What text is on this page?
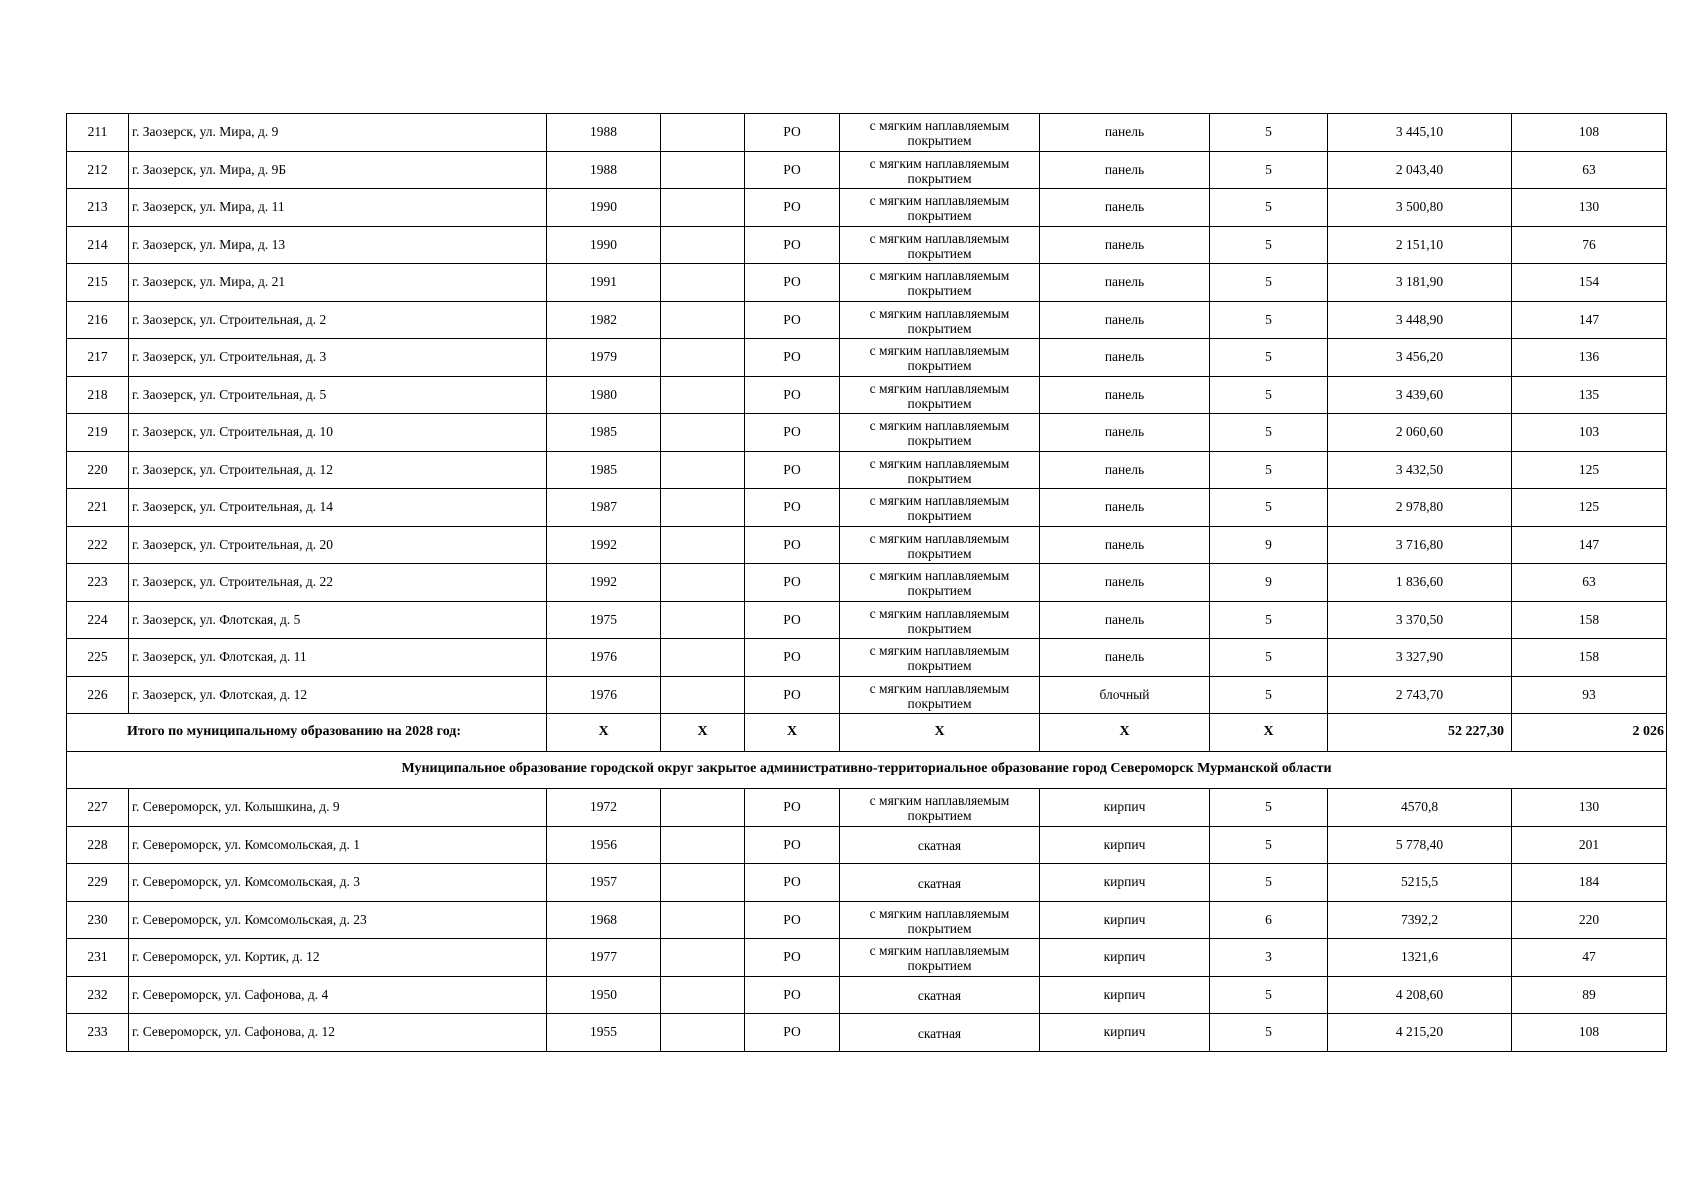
211	г. Заозерск, ул. Мира, д. 9	1988		РО	с мягким наплавляемым покрытием	панель	5	3 445,10	108
212	г. Заозерск, ул. Мира, д. 9Б	1988		РО	с мягким наплавляемым покрытием	панель	5	2 043,40	63
213	г. Заозерск, ул. Мира, д. 11	1990		РО	с мягким наплавляемым покрытием	панель	5	3 500,80	130
214	г. Заозерск, ул. Мира, д. 13	1990		РО	с мягким наплавляемым покрытием	панель	5	2 151,10	76
215	г. Заозерск, ул. Мира, д. 21	1991		РО	с мягким наплавляемым покрытием	панель	5	3 181,90	154
216	г. Заозерск, ул. Строительная, д. 2	1982		РО	с мягким наплавляемым покрытием	панель	5	3 448,90	147
217	г. Заозерск, ул. Строительная, д. 3	1979		РО	с мягким наплавляемым покрытием	панель	5	3 456,20	136
218	г. Заозерск, ул. Строительная, д. 5	1980		РО	с мягким наплавляемым покрытием	панель	5	3 439,60	135
219	г. Заозерск, ул. Строительная, д. 10	1985		РО	с мягким наплавляемым покрытием	панель	5	2 060,60	103
220	г. Заозерск, ул. Строительная, д. 12	1985		РО	с мягким наплавляемым покрытием	панель	5	3 432,50	125
221	г. Заозерск, ул. Строительная, д. 14	1987		РО	с мягким наплавляемым покрытием	панель	5	2 978,80	125
222	г. Заозерск, ул. Строительная, д. 20	1992		РО	с мягким наплавляемым покрытием	панель	9	3 716,80	147
223	г. Заозерск, ул. Строительная, д. 22	1992		РО	с мягким наплавляемым покрытием	панель	9	1 836,60	63
224	г. Заозерск, ул. Флотская, д. 5	1975		РО	с мягким наплавляемым покрытием	панель	5	3 370,50	158
225	г. Заозерск, ул. Флотская, д. 11	1976		РО	с мягким наплавляемым покрытием	панель	5	3 327,90	158
226	г. Заозерск, ул. Флотская, д. 12	1976		РО	с мягким наплавляемым покрытием	блочный	5	2 743,70	93
Итого по муниципальному образованию на 2028 год:		X	X	X	X	X	X	52 227,30	2 026
Муниципальное образование городской округ закрытое административно-территориальное образование город Североморск Мурманской области									
227	г. Североморск, ул. Колышкина, д. 9	1972		РО	с мягким наплавляемым покрытием	кирпич	5	4570,8	130
228	г. Североморск, ул. Комсомольская, д. 1	1956		РО	скатная	кирпич	5	5 778,40	201
229	г. Североморск, ул. Комсомольская, д. 3	1957		РО	скатная	кирпич	5	5215,5	184
230	г. Североморск, ул. Комсомольская, д. 23	1968		РО	с мягким наплавляемым покрытием	кирпич	6	7392,2	220
231	г. Североморск, ул. Кортик, д. 12	1977		РО	с мягким наплавляемым покрытием	кирпич	3	1321,6	47
232	г. Североморск, ул. Сафонова, д. 4	1950		РО	скатная	кирпич	5	4 208,60	89
233	г. Североморск, ул. Сафонова, д. 12	1955		РО	скатная	кирпич	5	4 215,20	108
